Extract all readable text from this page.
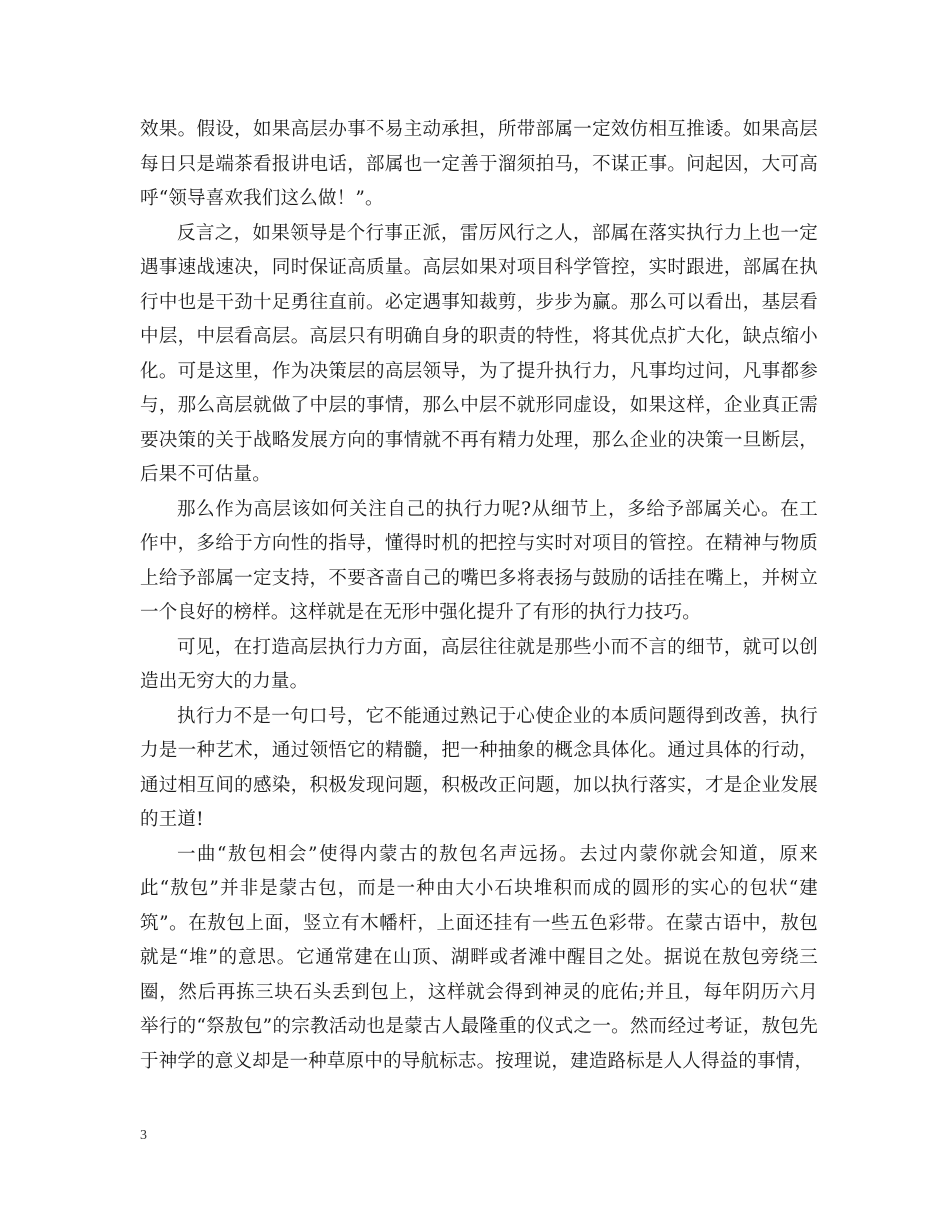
效果。假设，如果高层办事不易主动承担，所带部属一定效仿相互推诿。如果高层每日只是端茶看报讲电话，部属也一定善于溜须拍马，不谋正事。问起因，大可高呼“领导喜欢我们这么做！”。

反言之，如果领导是个行事正派，雷厉风行之人，部属在落实执行力上也一定遇事速战速决，同时保证高质量。高层如果对项目科学管控，实时跟进，部属在执行中也是干劲十足勇往直前。必定遇事知裁剪，步步为赢。那么可以看出，基层看中层，中层看高层。高层只有明确自身的职责的特性，将其优点扩大化，缺点缩小化。可是这里，作为决策层的高层领导，为了提升执行力，凡事均过问，凡事都参与，那么高层就做了中层的事情，那么中层不就形同虚设，如果这样，企业真正需要决策的关于战略发展方向的事情就不再有精力处理，那么企业的决策一旦断层，后果不可估量。

那么作为高层该如何关注自己的执行力呢?从细节上，多给予部属关心。在工作中，多给于方向性的指导，懂得时机的把控与实时对项目的管控。在精神与物质上给予部属一定支持，不要吝啬自己的嘴巴多将表扬与鼓励的话挂在嘴上，并树立一个良好的榜样。这样就是在无形中强化提升了有形的执行力技巧。

可见，在打造高层执行力方面，高层往往就是那些小而不言的细节，就可以创造出无穷大的力量。

执行力不是一句口号，它不能通过熟记于心使企业的本质问题得到改善，执行力是一种艺术，通过领悟它的精髓，把一种抽象的概念具体化。通过具体的行动，通过相互间的感染，积极发现问题，积极改正问题，加以执行落实，才是企业发展的王道!

一曲“敖包相会”使得内蒙古的敖包名声远扬。去过内蒙你就会知道，原来此“敖包”并非是蒙古包，而是一种由大小石块堆积而成的圆形的实心的包状“建筑”。在敖包上面，竖立有木幡杆，上面还挂有一些五色彩带。在蒙古语中，敖包就是“堆”的意思。它通常建在山顶、湖畔或者滩中醒目之处。据说在敖包旁绕三圈，然后再拣三块石头丢到包上，这样就会得到神灵的庇佑;并且，每年阴历六月举行的“祭敖包”的宗教活动也是蒙古人最隆重的仪式之一。然而经过考证，敖包先于神学的意义却是一种草原中的导航标志。按理说，建造路标是人人得益的事情，

3
